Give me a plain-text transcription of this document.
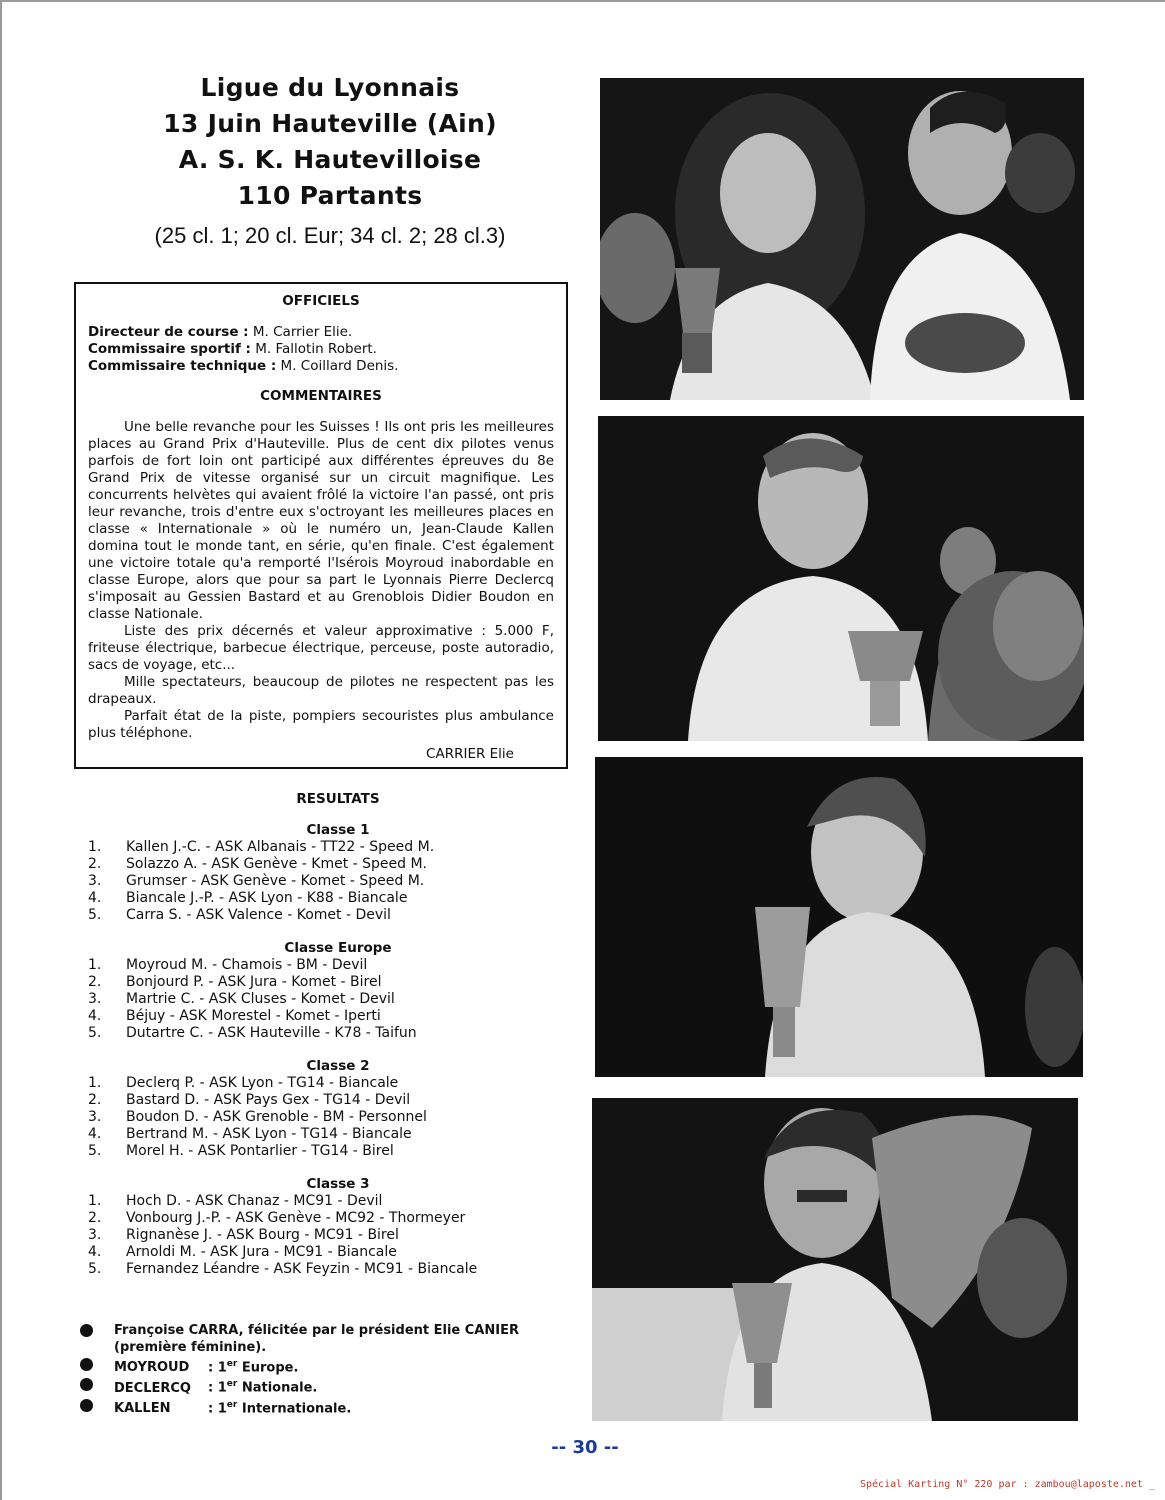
Ligue du Lyonnais
13 Juin Hauteville (Ain)
A. S. K. Hautevilloise
110 Partants
(25 cl. 1; 20 cl. Eur; 34 cl. 2; 28 cl.3)
OFFICIELS
Directeur de course : M. Carrier Elie.
Commissaire sportif : M. Fallotin Robert.
Commissaire technique : M. Coillard Denis.
COMMENTAIRES

Une belle revanche pour les Suisses ! Ils ont pris les meilleures places au Grand Prix d'Hauteville. Plus de cent dix pilotes venus parfois de fort loin ont participé aux différentes épreuves du 8e Grand Prix de vitesse organisé sur un circuit magnifique. Les concurrents helvètes qui avaient frôlé la victoire l'an passé, ont pris leur revanche, trois d'entre eux s'octroyant les meilleures places en classe « Internationale » où le numéro un, Jean-Claude Kallen domina tout le monde tant, en série, qu'en finale. C'est également une victoire totale qu'a remporté l'Isérois Moyroud inabordable en classe Europe, alors que pour sa part le Lyonnais Pierre Declercq s'imposait au Gessien Bastard et au Grenoblois Didier Boudon en classe Nationale.

Liste des prix décernés et valeur approximative : 5.000 F, friteuse électrique, barbecue électrique, perceuse, poste autoradio, sacs de voyage, etc...

Mille spectateurs, beaucoup de pilotes ne respectent pas les drapeaux.

Parfait état de la piste, pompiers secouristes plus ambulance plus téléphone.

CARRIER Elie
RESULTATS
Classe 1
1.	Kallen J.-C. - ASK Albanais - TT22 - Speed M.
2.	Solazzo A. - ASK Genève - Kmet - Speed M.
3.	Grumser - ASK Genève - Komet - Speed M.
4.	Biancale J.-P. - ASK Lyon - K88 - Biancale
5.	Carra S. - ASK Valence - Komet - Devil
Classe Europe
1.	Moyroud M. - Chamois - BM - Devil
2.	Bonjourd P. - ASK Jura - Komet - Birel
3.	Martrie C. - ASK Cluses - Komet - Devil
4.	Béjuy - ASK Morestel - Komet - Iperti
5.	Dutartre C. - ASK Hauteville - K78 - Taifun
Classe 2
1.	Declerq P. - ASK Lyon - TG14 - Biancale
2.	Bastard D. - ASK Pays Gex - TG14 - Devil
3.	Boudon D. - ASK Grenoble - BM - Personnel
4.	Bertrand M. - ASK Lyon - TG14 - Biancale
5.	Morel H. - ASK Pontarlier - TG14 - Birel
Classe 3
1.	Hoch D. - ASK Chanaz - MC91 - Devil
2.	Vonbourg J.-P. - ASK Genève - MC92 - Thormeyer
3.	Rignanèse J. - ASK Bourg - MC91 - Birel
4.	Arnoldi M. - ASK Jura - MC91 - Biancale
5.	Fernandez Léandre - ASK Feyzin - MC91 - Biancale
Françoise CARRA, félicitée par le président Elie CANIER
(première féminine).
MOYROUD : 1er Europe.
DECLERCQ : 1er Nationale.
KALLEN	: 1er Internationale.
-- 30 --
Spécial Karting N° 220 par : zambou@laposte.net _
